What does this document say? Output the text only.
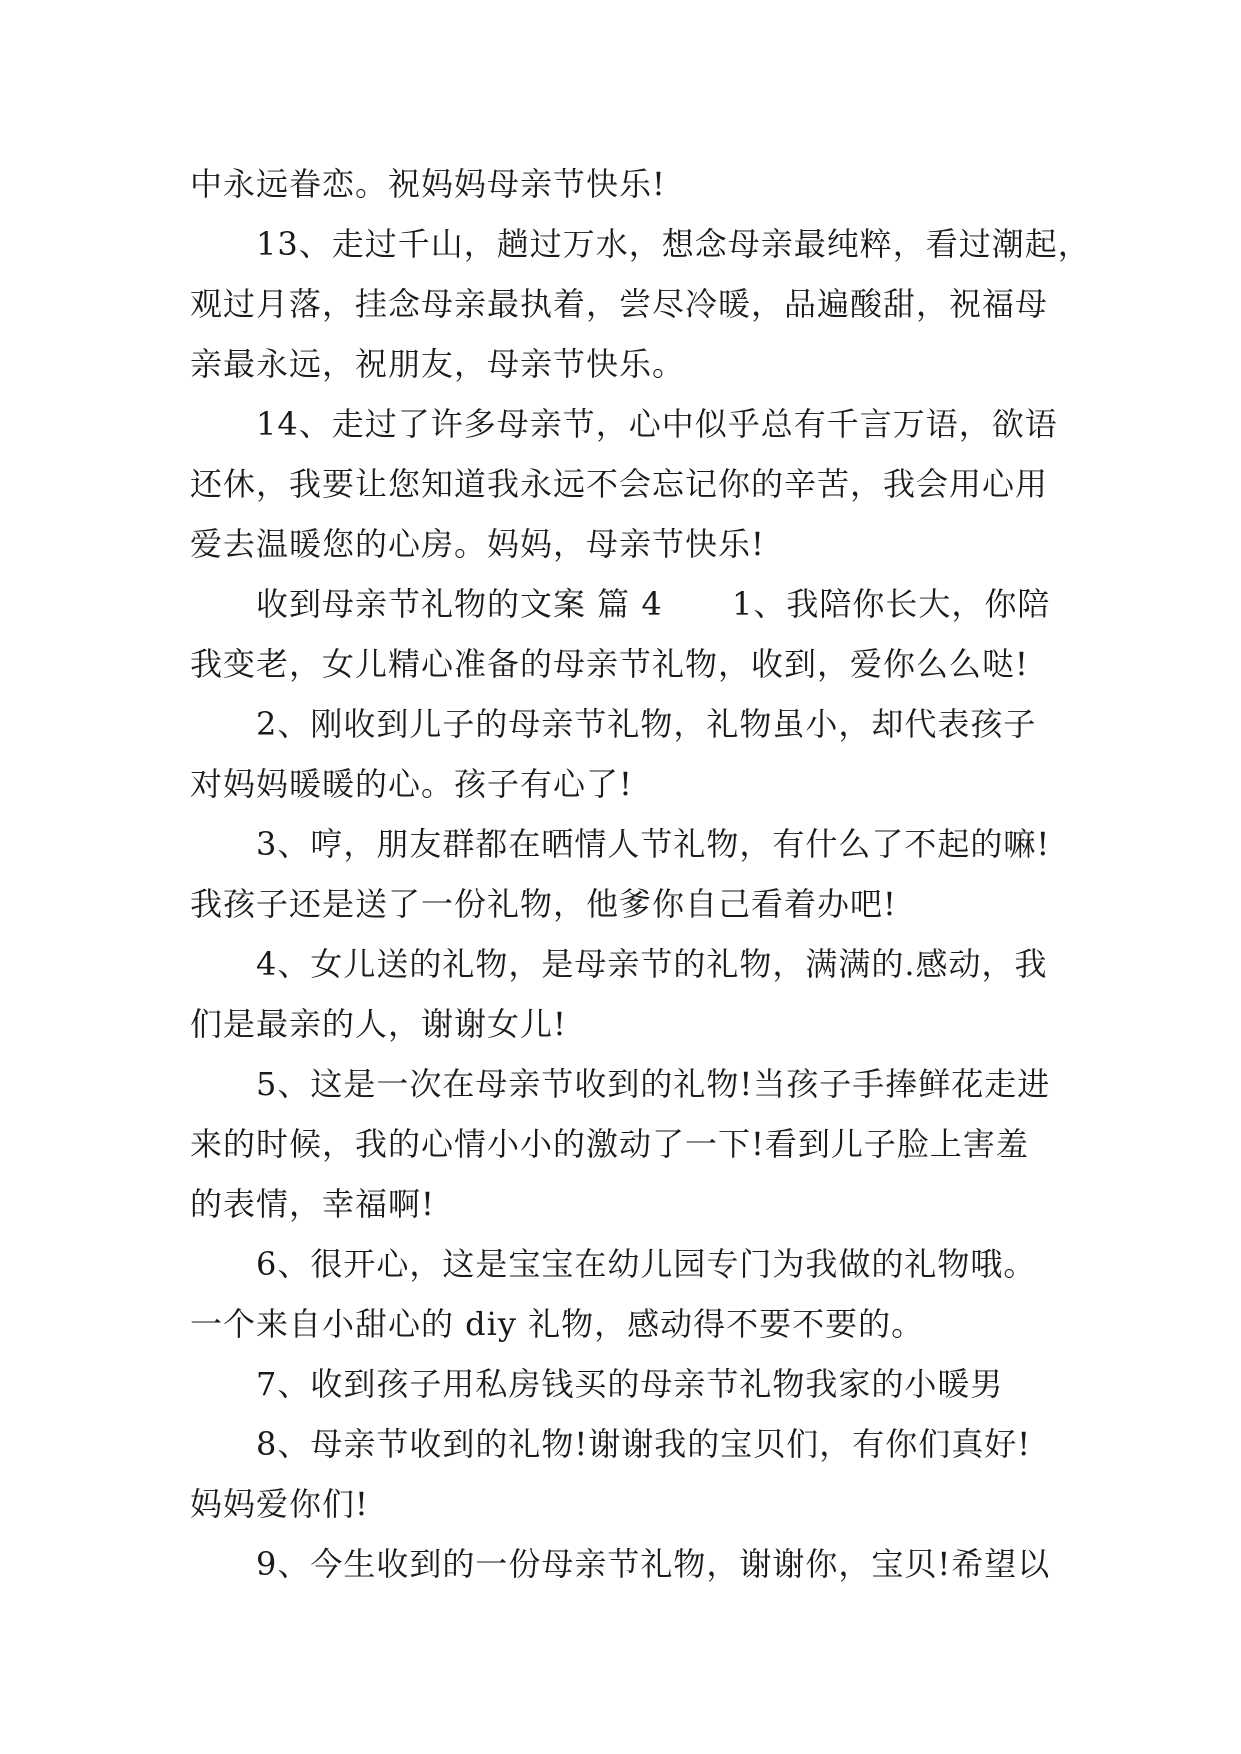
中永远眷恋。祝妈妈母亲节快乐!
13、走过千山，趟过万水，想念母亲最纯粹，看过潮起，
观过月落，挂念母亲最执着，尝尽冷暖，品遍酸甜，祝福母
亲最永远，祝朋友，母亲节快乐。
14、走过了许多母亲节，心中似乎总有千言万语，欲语
还休，我要让您知道我永远不会忘记你的辛苦，我会用心用
爱去温暖您的心房。妈妈，母亲节快乐!
收到母亲节礼物的文案 篇 4 1、我陪你长大，你陪
我变老，女儿精心准备的母亲节礼物，收到，爱你么么哒!
2、刚收到儿子的母亲节礼物，礼物虽小，却代表孩子
对妈妈暖暖的心。孩子有心了!
3、哼，朋友群都在晒情人节礼物，有什么了不起的嘛!
我孩子还是送了一份礼物，他爹你自己看着办吧!
4、女儿送的礼物，是母亲节的礼物，满满的.感动，我
们是最亲的人，谢谢女儿!
5、这是一次在母亲节收到的礼物!当孩子手捧鲜花走进
来的时候，我的心情小小的激动了一下!看到儿子脸上害羞
的表情，幸福啊!
6、很开心，这是宝宝在幼儿园专门为我做的礼物哦。
一个来自小甜心的 diy 礼物，感动得不要不要的。
7、收到孩子用私房钱买的母亲节礼物我家的小暖男
8、母亲节收到的礼物!谢谢我的宝贝们，有你们真好!
妈妈爱你们!
9、今生收到的一份母亲节礼物，谢谢你，宝贝!希望以
